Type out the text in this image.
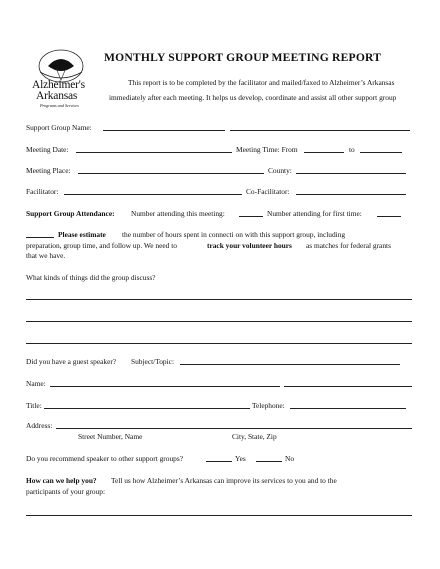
Alzheimer's
Arkansas
Programs and Services
MONTHLY SUPPORT GROUP MEETING REPORT
This report is to be completed by the facilitator and mailed/faxed to Alzheimer’s Arkansas
immediately after each meeting. It helps us develop, coordinate and assist all other support group
Support Group Name:
Meeting Date:	Meeting Time: From	to
Meeting Place:	County:
Facilitator:	Co-Facilitator:
Support Group Attendance: Number attending this meeting:	Number attending for first time:
Please estimate the number of hours spent in connecti on with this support group, including
preparation, group time, and follow up. We need to	track your volunteer hours as matches for federal grants
that we have.
What kinds of things did the group discuss?
Did you have a guest speaker? Subject/Topic:
Name:
Title:	Telephone:
Address:
Street Number, Name	City, State, Zip
Do you recommend speaker to other support groups?	Yes	No
How can we help you? Tell us how Alzheimer’s Arkansas can improve its services to you and to the
participants of your group:
